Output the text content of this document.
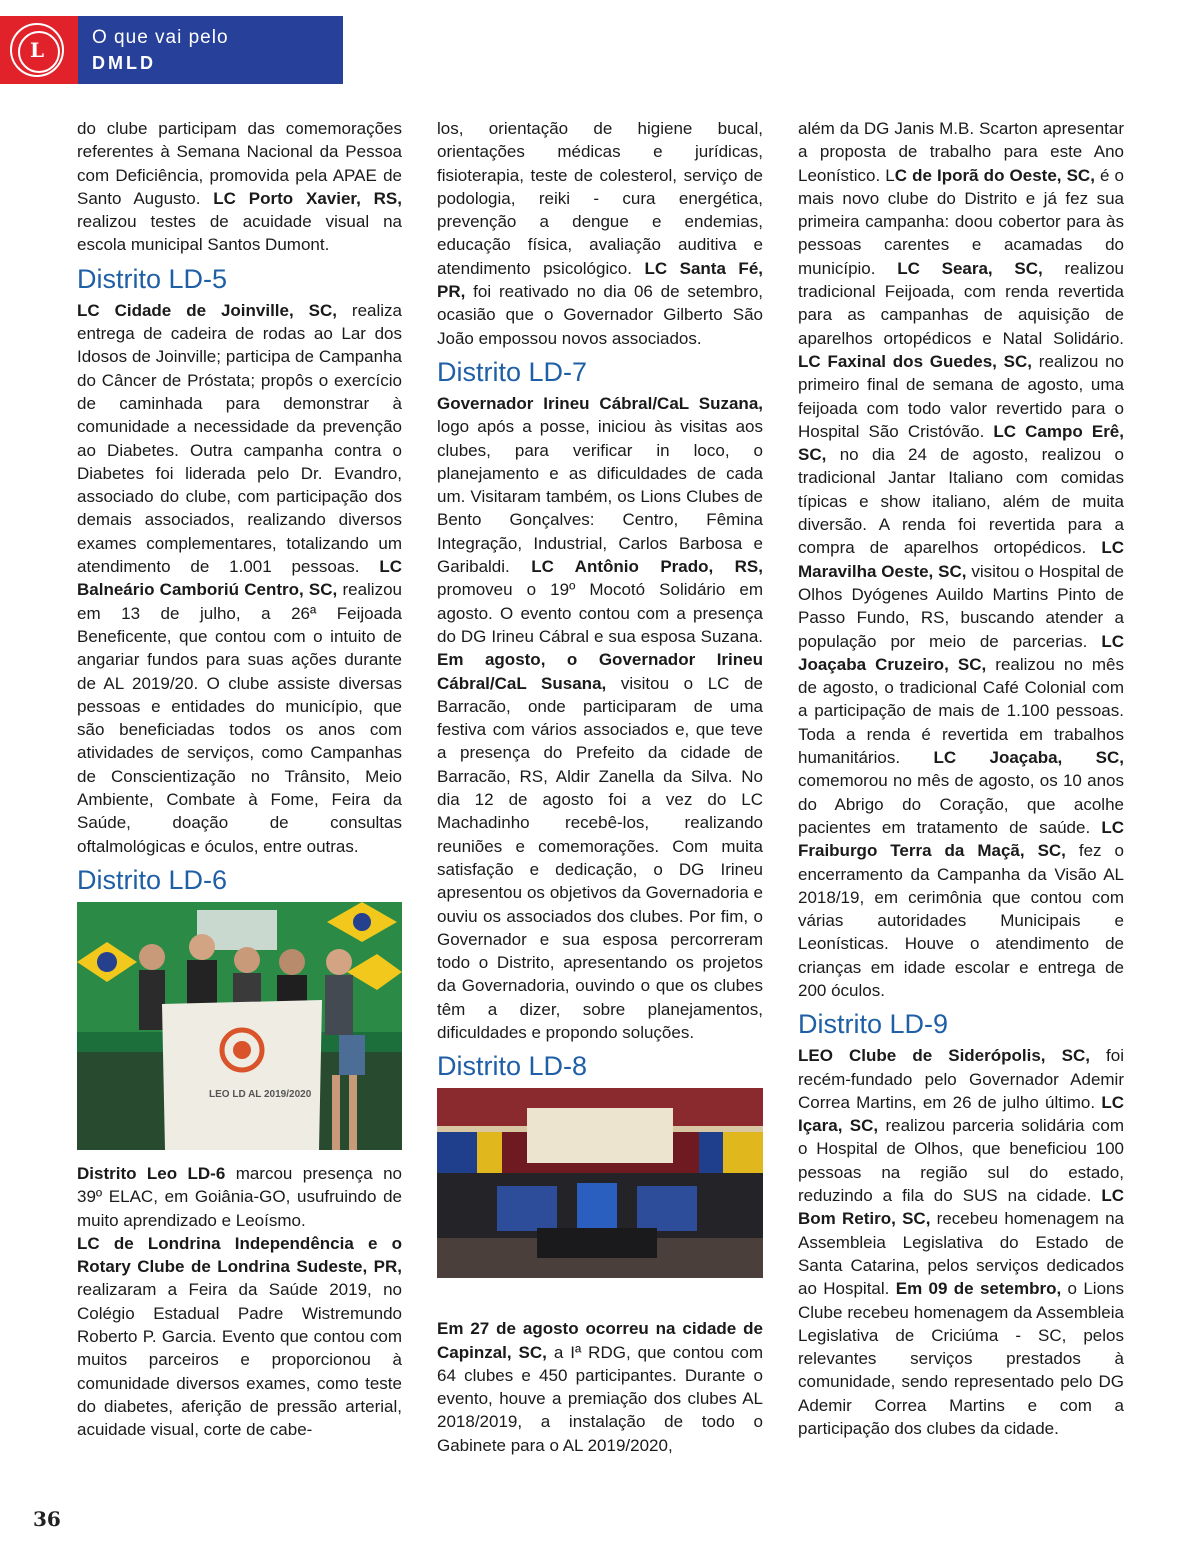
L
O que vai pelo
DMLD

do clube participam das comemorações referentes à Semana Nacional da Pessoa com Deficiência, promovida pela APAE de Santo Augusto. LC Porto Xavier, RS, realizou testes de acuidade visual na escola municipal Santos Dumont.

Distrito LD-5

LC Cidade de Joinville, SC, realiza entrega de cadeira de rodas ao Lar dos Idosos de Joinville; participa de Campanha do Câncer de Próstata; propôs o exercício de caminhada para demonstrar à comunidade a necessidade da prevenção ao Diabetes. Outra campanha contra o Diabetes foi liderada pelo Dr. Evandro, associado do clube, com participação dos demais associados, realizando diversos exames complementares, totalizando um atendimento de 1.001 pessoas. LC Balneário Camboriú Centro, SC, realizou em 13 de julho, a 26ª Feijoada Beneficente, que contou com o intuito de angariar fundos para suas ações durante de AL 2019/20. O clube assiste diversas pessoas e entidades do município, que são beneficiadas todos os anos com atividades de serviços, como Campanhas de Conscientização no Trânsito, Meio Ambiente, Combate à Fome, Feira da Saúde, doação de consultas oftalmológicas e óculos, entre outras.

Distrito LD-6
LEO LD AL 2019/2020

Distrito Leo LD-6 marcou presença no 39º ELAC, em Goiânia-GO, usufruindo de muito aprendizado e Leoísmo.

LC de Londrina Independência e o Rotary Clube de Londrina Sudeste, PR, realizaram a Feira da Saúde 2019, no Colégio Estadual Padre Wistremundo Roberto P. Garcia. Evento que contou com muitos parceiros e proporcionou à comunidade diversos exames, como teste do diabetes, aferição de pressão arterial, acuidade visual, corte de cabe-

los, orientação de higiene bucal, orientações médicas e jurídicas, fisioterapia, teste de colesterol, serviço de podologia, reiki - cura energética, prevenção a dengue e endemias, educação física, avaliação auditiva e atendimento psicológico. LC Santa Fé, PR, foi reativado no dia 06 de setembro, ocasião que o Governador Gilberto São João empossou novos associados.

Distrito LD-7

Governador Irineu Cábral/CaL Suzana, logo após a posse, iniciou às visitas aos clubes, para verificar in loco, o planejamento e as dificuldades de cada um. Visitaram também, os Lions Clubes de Bento Gonçalves: Centro, Fêmina Integração, Industrial, Carlos Barbosa e Garibaldi. LC Antônio Prado, RS, promoveu o 19º Mocotó Solidário em agosto. O evento contou com a presença do DG Irineu Cábral e sua esposa Suzana. Em agosto, o Governador Irineu Cábral/CaL Susana, visitou o LC de Barracão, onde participaram de uma festiva com vários associados e, que teve a presença do Prefeito da cidade de Barracão, RS, Aldir Zanella da Silva. No dia 12 de agosto foi a vez do LC Machadinho recebê-los, realizando reuniões e comemorações. Com muita satisfação e dedicação, o DG Irineu apresentou os objetivos da Governadoria e ouviu os associados dos clubes. Por fim, o Governador e sua esposa percorreram todo o Distrito, apresentando os projetos da Governadoria, ouvindo o que os clubes têm a dizer, sobre planejamentos, dificuldades e propondo soluções.

Distrito LD-8

Em 27 de agosto ocorreu na cidade de Capinzal, SC, a Iª RDG, que contou com 64 clubes e 450 participantes. Durante o evento, houve a premiação dos clubes AL 2018/2019, a instalação de todo o Gabinete para o AL 2019/2020,

além da DG Janis M.B. Scarton apresentar a proposta de trabalho para este Ano Leonístico. LC de Iporã do Oeste, SC, é o mais novo clube do Distrito e já fez sua primeira campanha: doou cobertor para às pessoas carentes e acamadas do município. LC Seara, SC, realizou tradicional Feijoada, com renda revertida para as campanhas de aquisição de aparelhos ortopédicos e Natal Solidário. LC Faxinal dos Guedes, SC, realizou no primeiro final de semana de agosto, uma feijoada com todo valor revertido para o Hospital São Cristóvão. LC Campo Erê, SC, no dia 24 de agosto, realizou o tradicional Jantar Italiano com comidas típicas e show italiano, além de muita diversão. A renda foi revertida para a compra de aparelhos ortopédicos. LC Maravilha Oeste, SC, visitou o Hospital de Olhos Dyógenes Auildo Martins Pinto de Passo Fundo, RS, buscando atender a população por meio de parcerias. LC Joaçaba Cruzeiro, SC, realizou no mês de agosto, o tradicional Café Colonial com a participação de mais de 1.100 pessoas. Toda a renda é revertida em trabalhos humanitários. LC Joaçaba, SC, comemorou no mês de agosto, os 10 anos do Abrigo do Coração, que acolhe pacientes em tratamento de saúde. LC Fraiburgo Terra da Maçã, SC, fez o encerramento da Campanha da Visão AL 2018/19, em cerimônia que contou com várias autoridades Municipais e Leonísticas. Houve o atendimento de crianças em idade escolar e entrega de 200 óculos.

Distrito LD-9

LEO Clube de Siderópolis, SC, foi recém-fundado pelo Governador Ademir Correa Martins, em 26 de julho último. LC Içara, SC, realizou parceria solidária com o Hospital de Olhos, que beneficiou 100 pessoas na região sul do estado, reduzindo a fila do SUS na cidade. LC Bom Retiro, SC, recebeu homenagem na Assembleia Legislativa do Estado de Santa Catarina, pelos serviços dedicados ao Hospital. Em 09 de setembro, o Lions Clube recebeu homenagem da Assembleia Legislativa de Criciúma - SC, pelos relevantes serviços prestados à comunidade, sendo representado pelo DG Ademir Correa Martins e com a participação dos clubes da cidade.

36
